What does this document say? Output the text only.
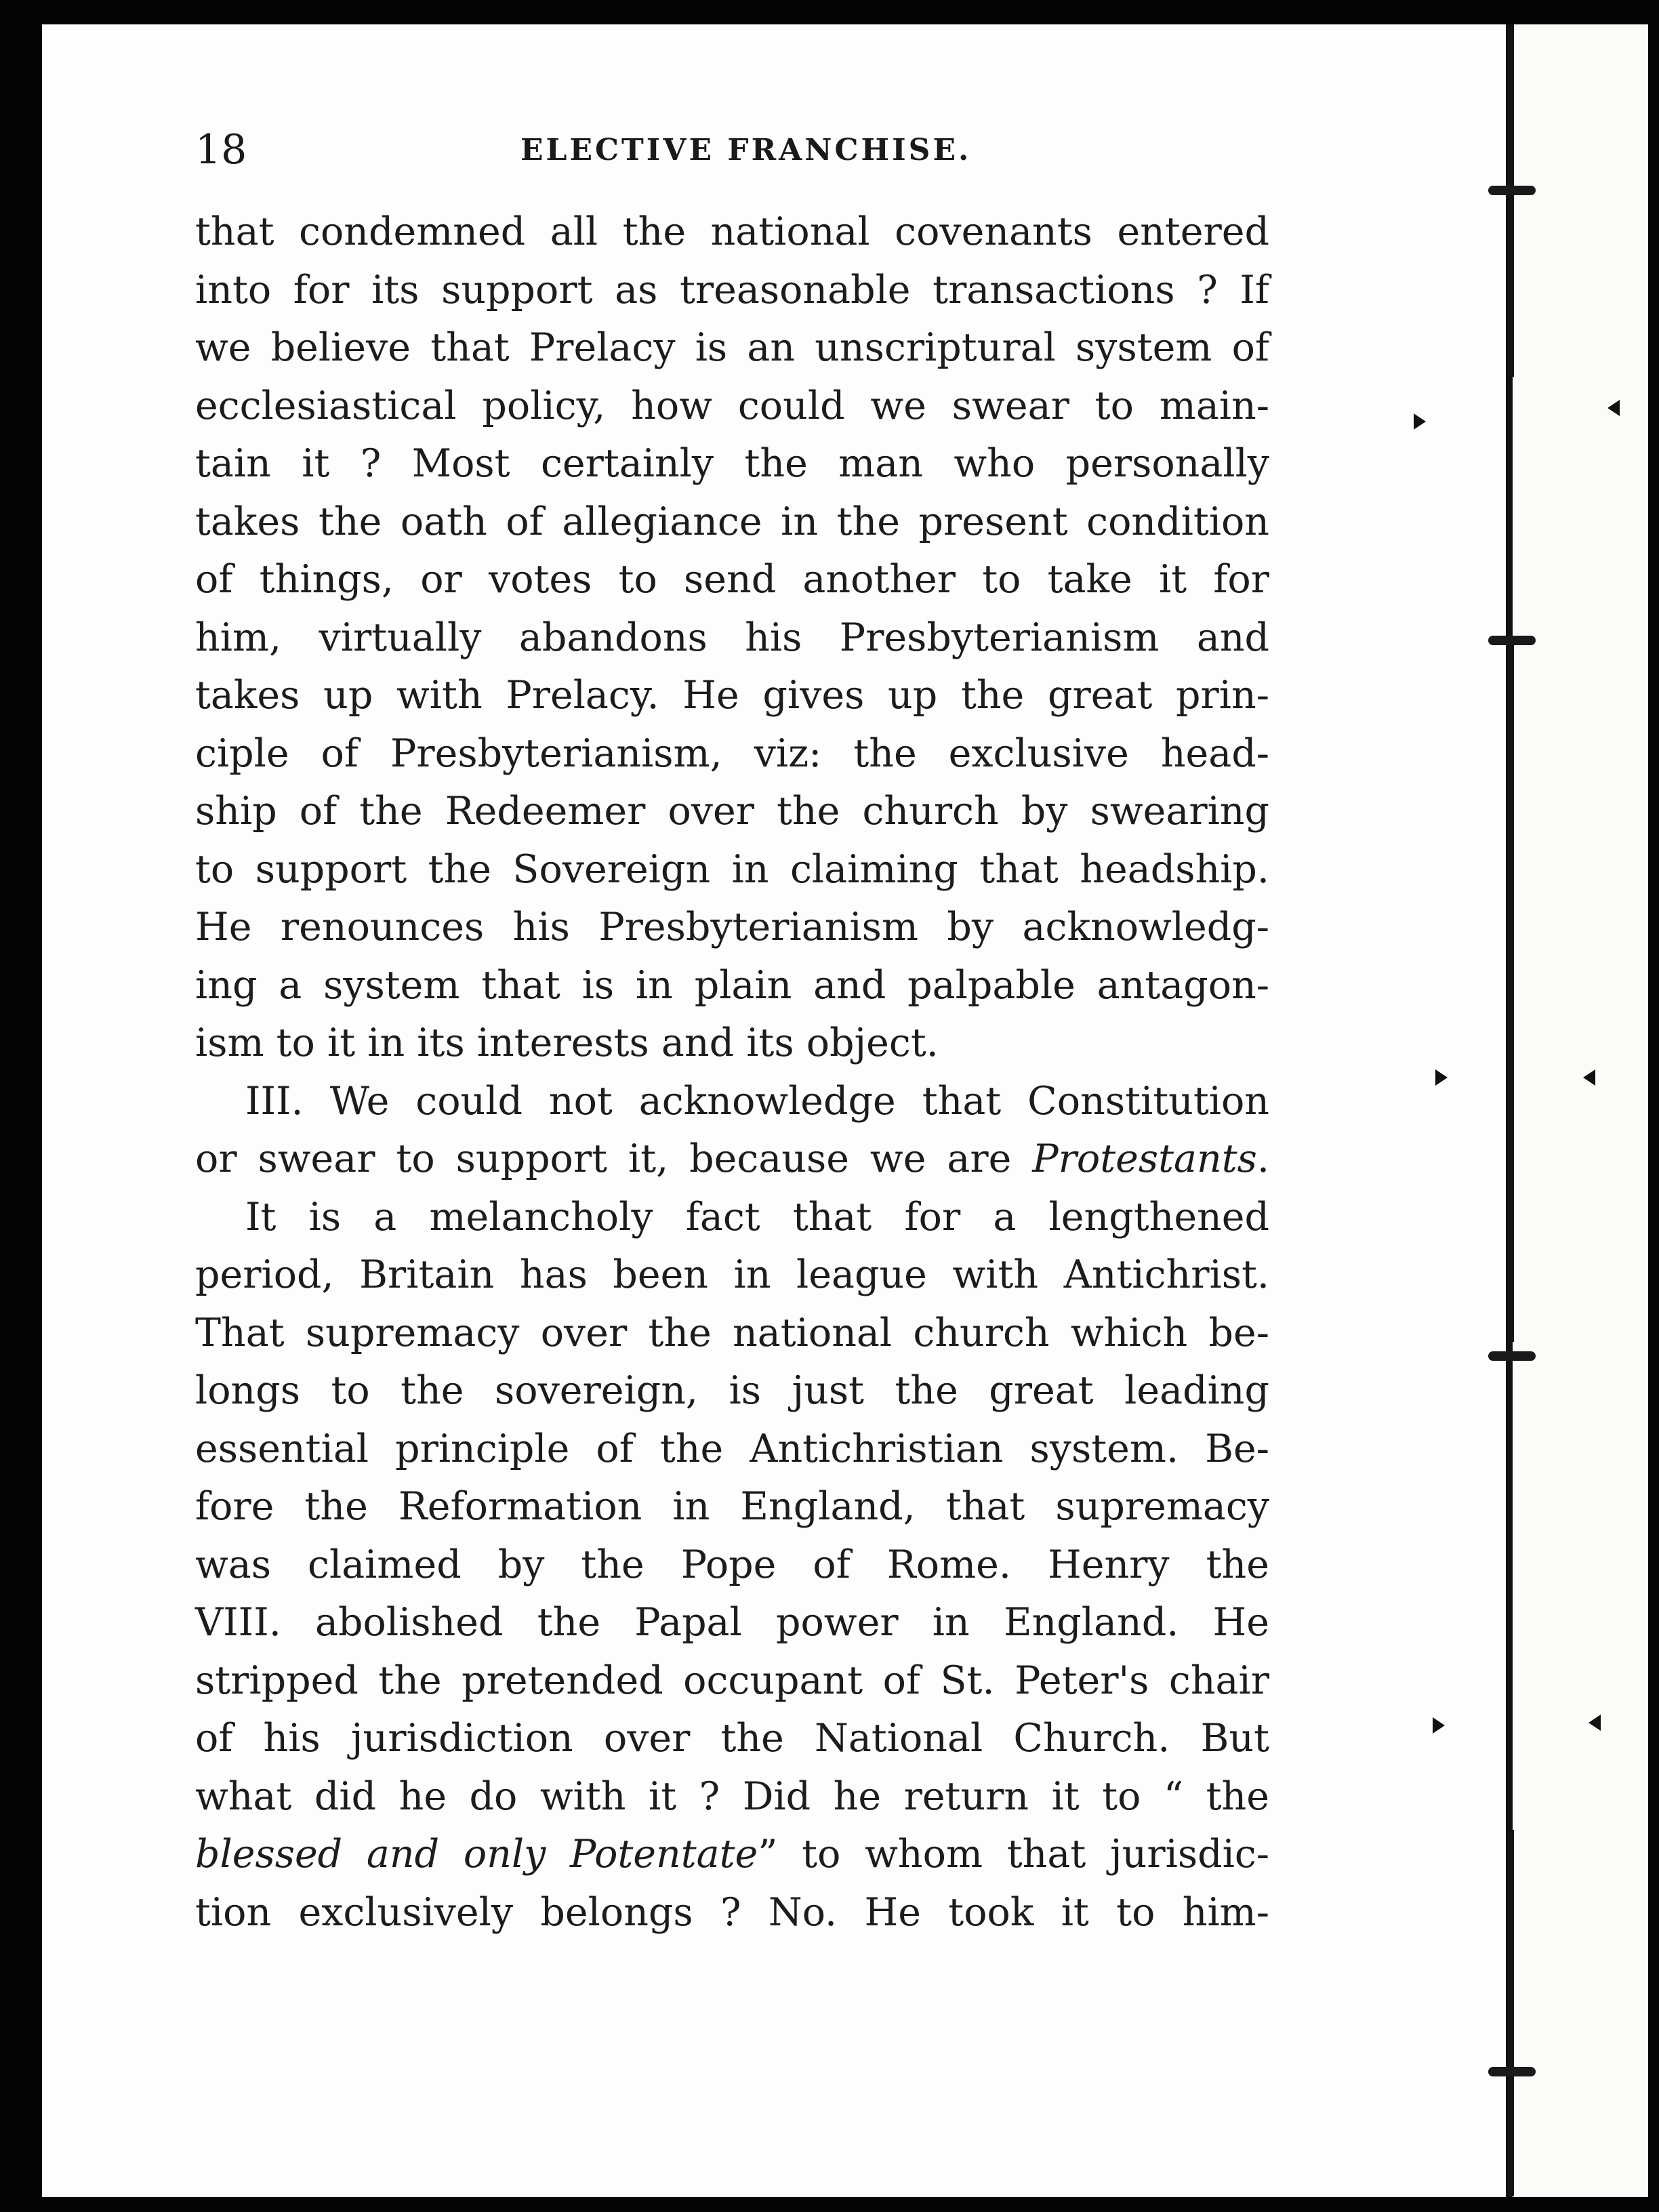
18	ELECTIVE FRANCHISE.
that condemned all the national covenants entered
into for its support as treasonable transactions ? If
we believe that Prelacy is an unscriptural system of
ecclesiastical policy, how could we swear to main-
tain it ? Most certainly the man who personally
takes the oath of allegiance in the present condition
of things, or votes to send another to take it for
him, virtually abandons his Presbyterianism and
takes up with Prelacy. He gives up the great prin-
ciple of Presbyterianism, viz: the exclusive head-
ship of the Redeemer over the church by swearing
to support the Sovereign in claiming that headship.
He renounces his Presbyterianism by acknowledg-
ing a system that is in plain and palpable antagon-
ism to it in its interests and its object.
III. We could not acknowledge that Constitution
or swear to support it, because we are Protestants.
It is a melancholy fact that for a lengthened
period, Britain has been in league with Antichrist.
That supremacy over the national church which be-
longs to the sovereign, is just the great leading
essential principle of the Antichristian system. Be-
fore the Reformation in England, that supremacy
was claimed by the Pope of Rome. Henry the
VIII. abolished the Papal power in England. He
stripped the pretended occupant of St. Peter's chair
of his jurisdiction over the National Church. But
what did he do with it ? Did he return it to “ the
blessed and only Potentate” to whom that jurisdic-
tion exclusively belongs ? No. He took it to him-
